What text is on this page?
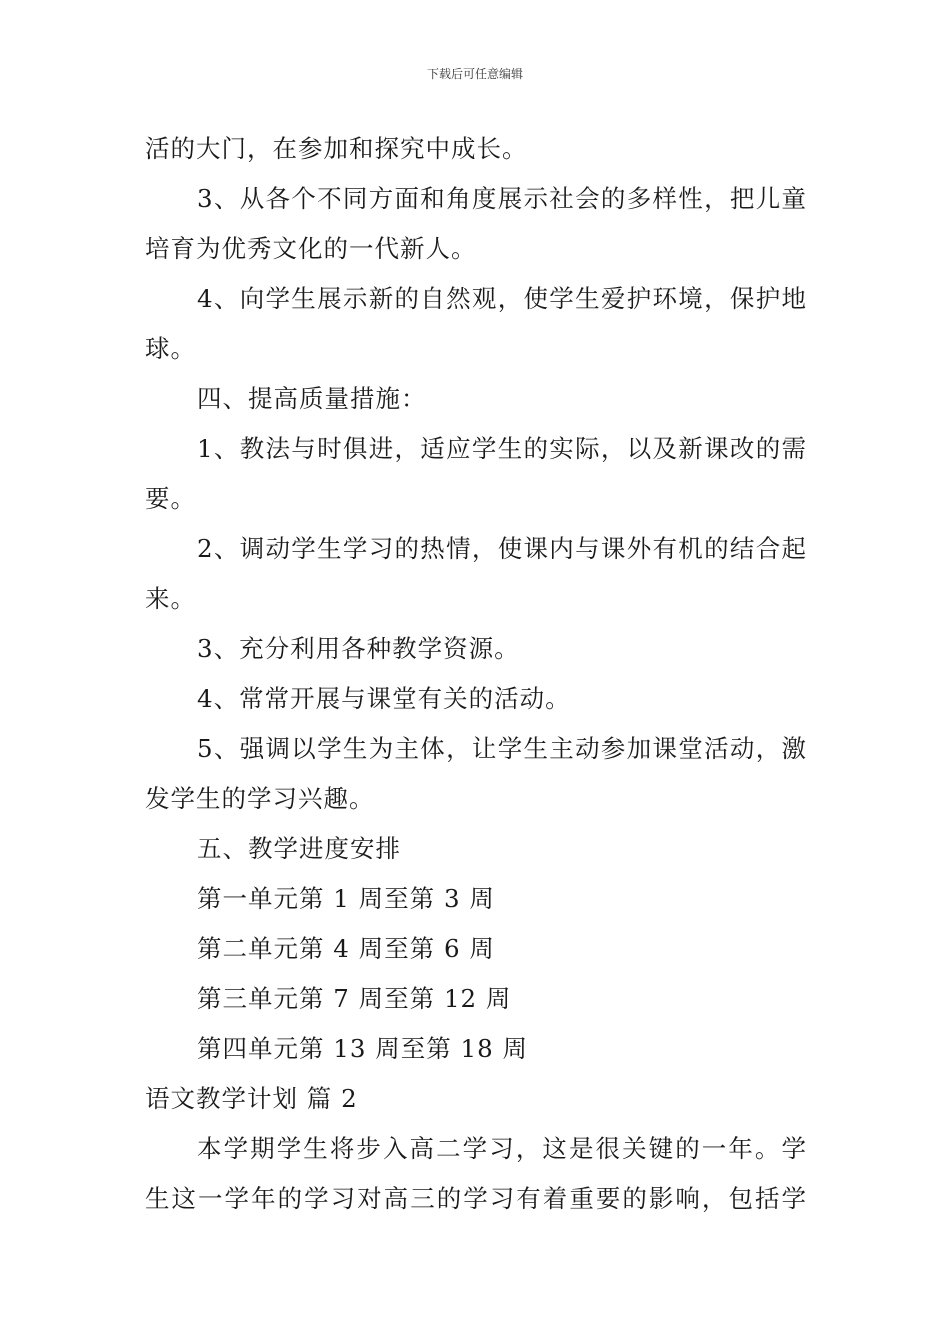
下载后可任意编辑
活的大门，在参加和探究中成长。
3、从各个不同方面和角度展示社会的多样性，把儿童
培育为优秀文化的一代新人。
4、向学生展示新的自然观，使学生爱护环境，保护地
球。
四、提高质量措施：
1、教法与时俱进，适应学生的实际，以及新课改的需
要。
2、调动学生学习的热情，使课内与课外有机的结合起
来。
3、充分利用各种教学资源。
4、常常开展与课堂有关的活动。
5、强调以学生为主体，让学生主动参加课堂活动，激
发学生的学习兴趣。
五、教学进度安排
第一单元第 1 周至第 3 周
第二单元第 4 周至第 6 周
第三单元第 7 周至第 12 周
第四单元第 13 周至第 18 周
语文教学计划 篇 2
本学期学生将步入高二学习，这是很关键的一年。学
生这一学年的学习对高三的学习有着重要的影响，包括学
